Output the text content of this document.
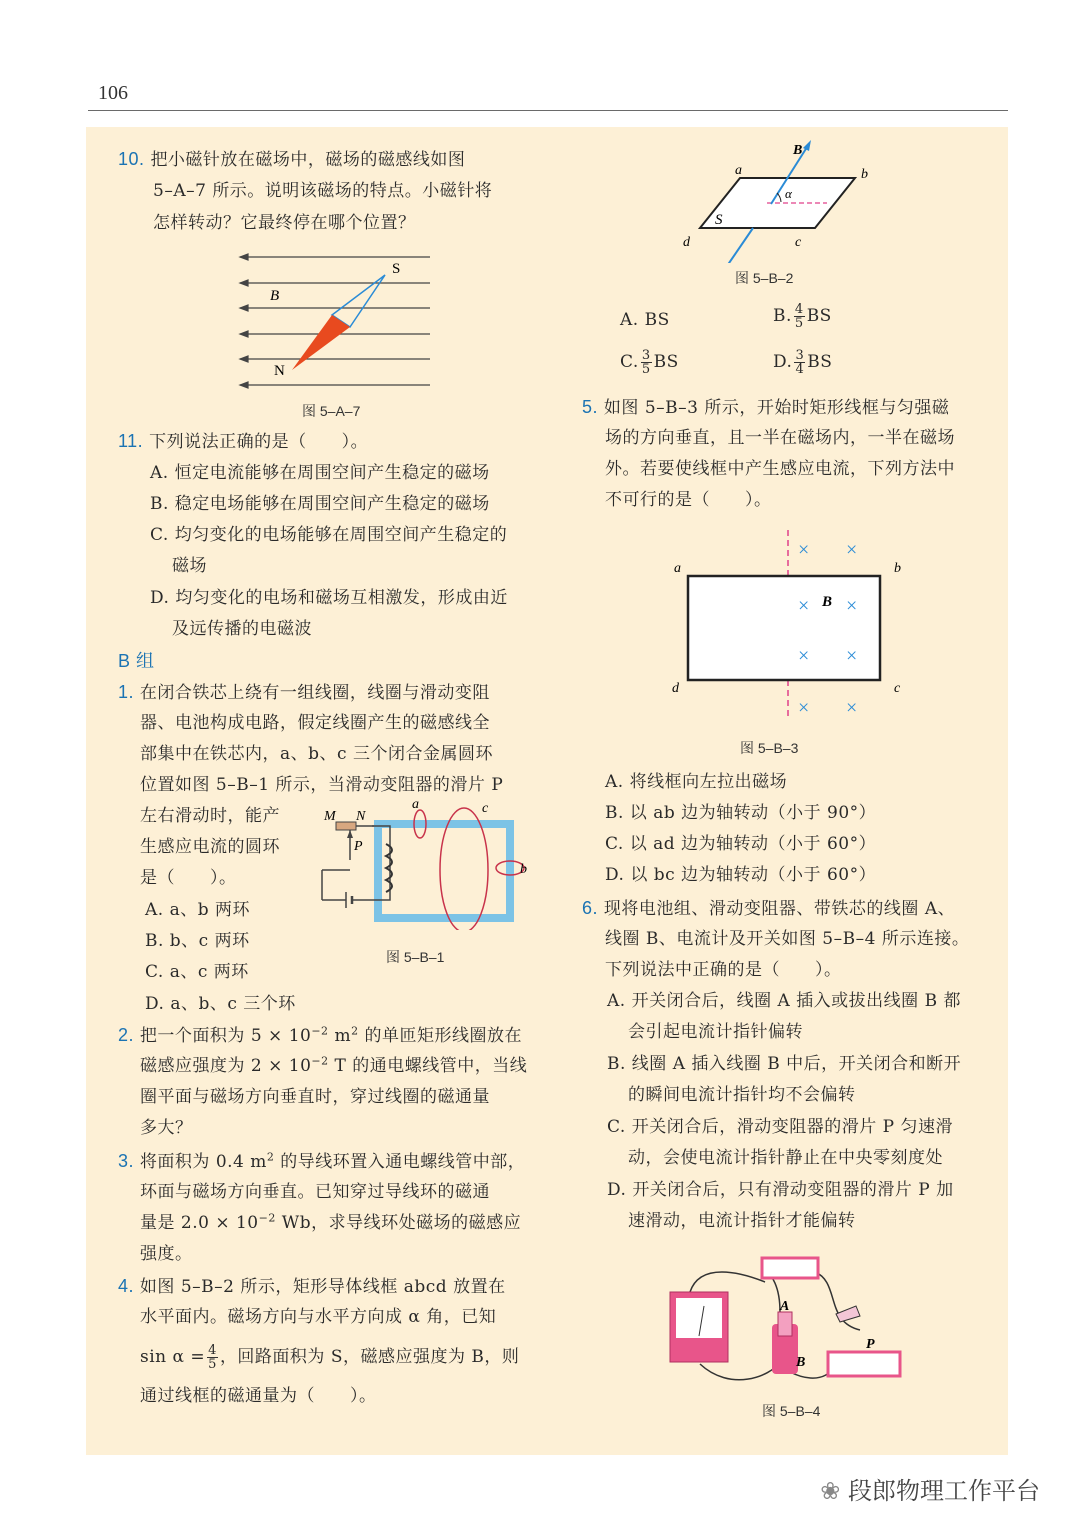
106
10. 把小磁针放在磁场中，磁场的磁感线如图
5–A–7 所示。说明该磁场的特点。小磁针将
怎样转动？它最终停在哪个位置？
S
B
N
图 5–A–7
11. 下列说法正确的是（　　）。
A. 恒定电流能够在周围空间产生稳定的磁场
B. 稳定电场能够在周围空间产生稳定的磁场
C. 均匀变化的电场能够在周围空间产生稳定的
磁场
D. 均匀变化的电场和磁场互相激发，形成由近
及远传播的电磁波
B 组
1. 在闭合铁芯上绕有一组线圈，线圈与滑动变阻
器、电池构成电路，假定线圈产生的磁感线全
部集中在铁芯内，a、b、c 三个闭合金属圆环
位置如图 5–B–1 所示，当滑动变阻器的滑片 P
左右滑动时，能产
生感应电流的圆环
是（　　）。
A. a、b 两环
B. b、c 两环
C. a、c 两环
D. a、b、c 三个环
M N
P
a	c
b
图 5–B–1
2. 把一个面积为 $5 \times 10^{-2}$ $m^2$ 的单匝矩形线圈放在
磁感应强度为 $2 \times 10^{-2}$ T 的通电螺线管中，当线
圈平面与磁场方向垂直时，穿过线圈的磁通量
多大？
3. 将面积为 0.4 $m^2$ 的导线环置入通电螺线管中部，
环面与磁场方向垂直。已知穿过导线环的磁通
量是 $2.0 \times 10^{-2}$ Wb，求导线环处磁场的磁感应
强度。
4. 如图 5–B–2 所示，矩形导体线框 abcd 放置在
水平面内。磁场方向与水平方向成 α 角，已知
$\sin \alpha = \frac{4}{5}$ ，回路面积为 S，磁感应强度为 B，则
通过线框的磁通量为（　　）。
a	b
c
d
S
B
α
图 5–B–2
A. BS	B. $\frac{4}{5}$ BS
C. $\frac{3}{5}$ BS	D. $\frac{3}{4}$ BS
5. 如图 5–B–3 所示，开始时矩形线框与匀强磁
场的方向垂直，且一半在磁场内，一半在磁场
外。若要使线框中产生感应电流，下列方法中
不可行的是（　　）。
× ×
× ×
× ×
× ×
B
a	b
c
d
图 5–B–3
A. 将线框向左拉出磁场
B. 以 ab 边为轴转动（小于 90°）
C. 以 ad 边为轴转动（小于 60°）
D. 以 bc 边为轴转动（小于 60°）
6. 现将电池组、滑动变阻器、带铁芯的线圈 A、
线圈 B、电流计及开关如图 5–B–4 所示连接。
下列说法中正确的是（　　）。
A. 开关闭合后，线圈 A 插入或拔出线圈 B 都
会引起电流计指针偏转
B. 线圈 A 插入线圈 B 中后，开关闭合和断开
的瞬间电流计指针均不会偏转
C. 开关闭合后，滑动变阻器的滑片 P 匀速滑
动，会使电流计指针静止在中央零刻度处
D. 开关闭合后，只有滑动变阻器的滑片 P 加
速滑动，电流计指针才能偏转
A
B
P
图 5–B–4
❀ 段郎物理工作平台
